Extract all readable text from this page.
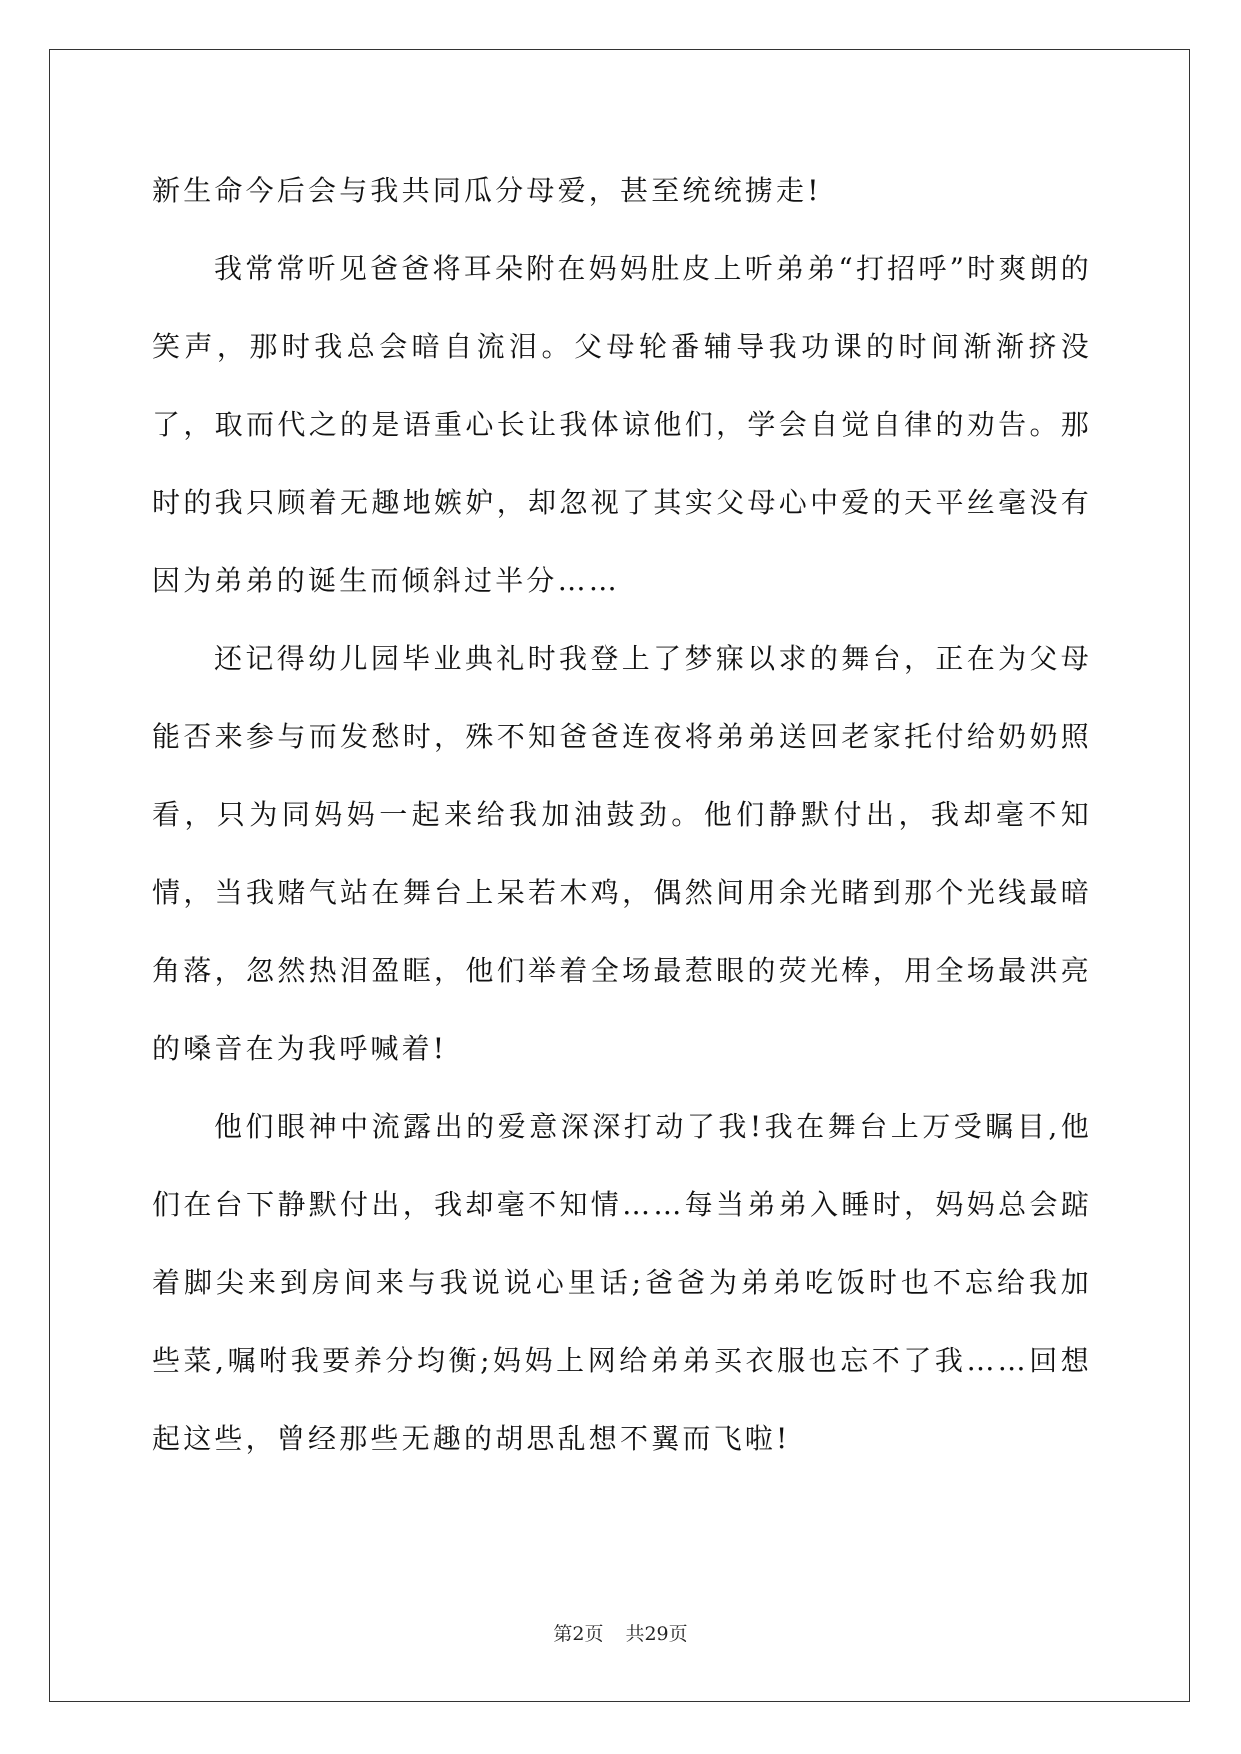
新生命今后会与我共同瓜分母爱，甚至统统掳走!

我常常听见爸爸将耳朵附在妈妈肚皮上听弟弟“打招呼”时爽朗的笑声，那时我总会暗自流泪。父母轮番辅导我功课的时间渐渐挤没了，取而代之的是语重心长让我体谅他们，学会自觉自律的劝告。那时的我只顾着无趣地嫉妒，却忽视了其实父母心中爱的天平丝毫没有因为弟弟的诞生而倾斜过半分……

还记得幼儿园毕业典礼时我登上了梦寐以求的舞台，正在为父母能否来参与而发愁时，殊不知爸爸连夜将弟弟送回老家托付给奶奶照看，只为同妈妈一起来给我加油鼓劲。他们静默付出，我却毫不知情，当我赌气站在舞台上呆若木鸡，偶然间用余光睹到那个光线最暗角落，忽然热泪盈眶，他们举着全场最惹眼的荧光棒，用全场最洪亮的嗓音在为我呼喊着!

他们眼神中流露出的爱意深深打动了我!我在舞台上万受瞩目,他们在台下静默付出，我却毫不知情……每当弟弟入睡时，妈妈总会踮着脚尖来到房间来与我说说心里话;爸爸为弟弟吃饭时也不忘给我加些菜,嘱咐我要养分均衡;妈妈上网给弟弟买衣服也忘不了我……回想起这些，曾经那些无趣的胡思乱想不翼而飞啦!

第2页 共29页
